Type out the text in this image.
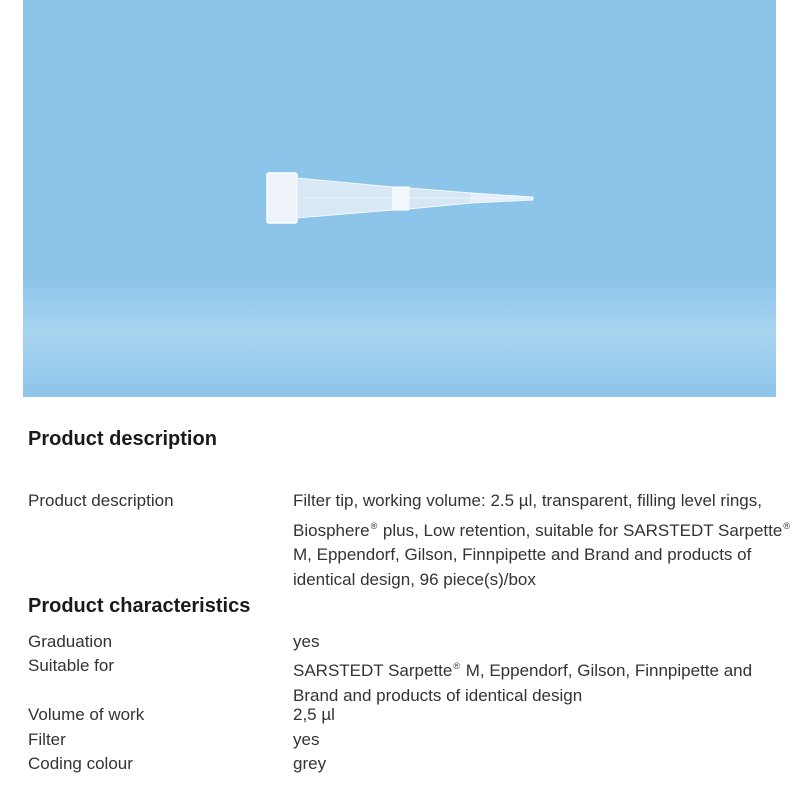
Product description
Product description	Filter tip, working volume: 2.5 µl, transparent, filling level rings, Biosphere® plus, Low retention, suitable for SARSTEDT Sarpette® M, Eppendorf, Gilson, Finnpipette and Brand and products of identical design, 96 piece(s)/box
Product characteristics
Graduation	yes
Suitable for	SARSTEDT Sarpette® M, Eppendorf, Gilson, Finnpipette and Brand and products of identical design
Volume of work	2,5 µl
Filter	yes
Coding colour	grey
